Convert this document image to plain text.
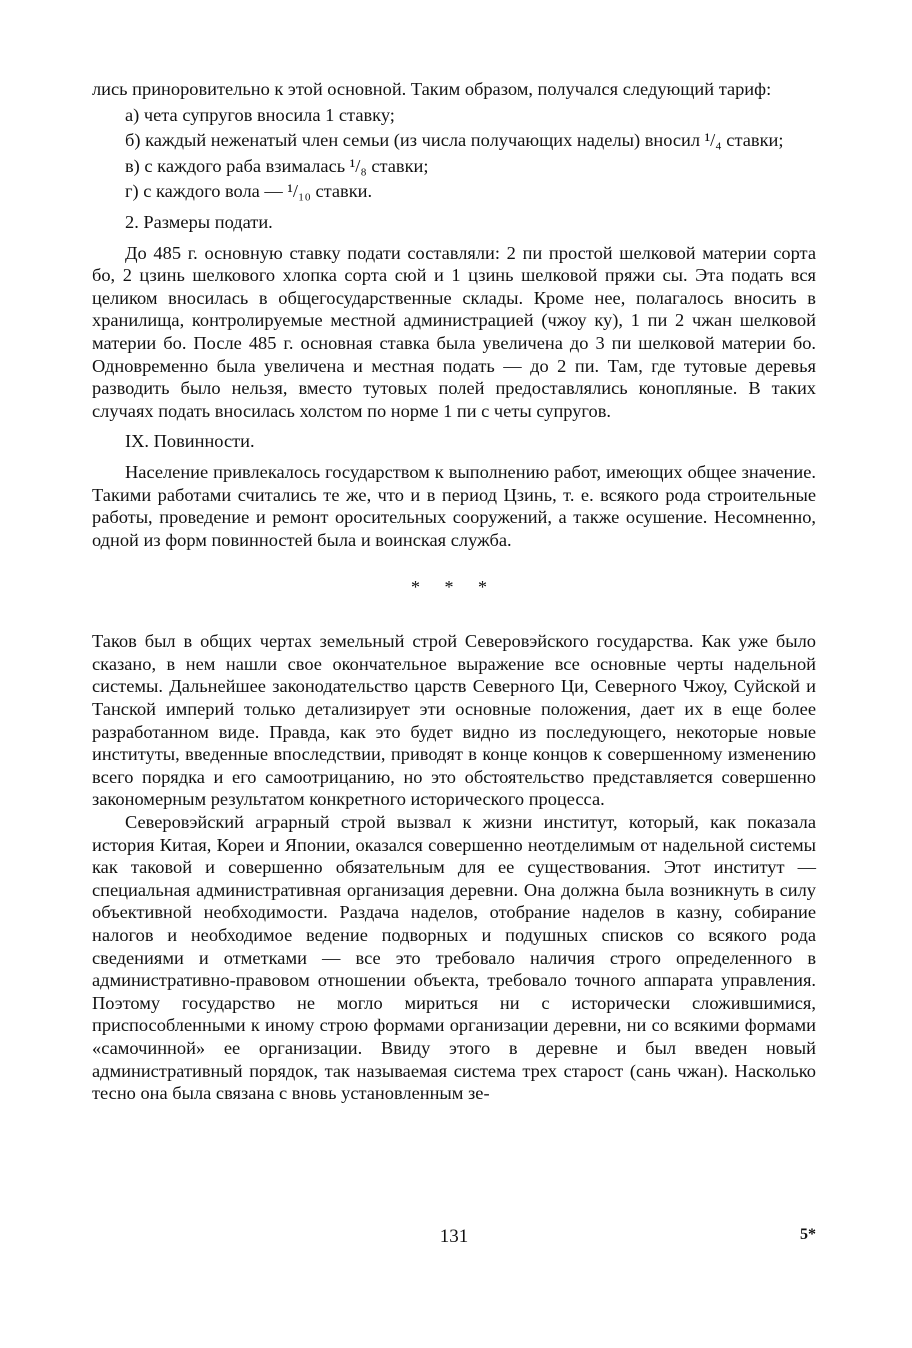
лись приноровительно к этой основной. Таким образом, получался следующий тариф:

а) чета супругов вносила 1 ставку;

б) каждый неженатый член семьи (из числа получающих наделы) вносил ¹/₄ ставки;

в) с каждого раба взималась ¹/₈ ставки;

г) с каждого вола — ¹/₁₀ ставки.

2. Размеры подати.

До 485 г. основную ставку подати составляли: 2 пи простой шелковой материи сорта бо, 2 цзинь шелкового хлопка сорта сюй и 1 цзинь шелковой пряжи сы. Эта подать вся целиком вносилась в общегосударственные склады. Кроме нее, полагалось вносить в хранилища, контролируемые местной администрацией (чжоу ку), 1 пи 2 чжан шелковой материи бо. После 485 г. основная ставка была увеличена до 3 пи шелковой материи бо. Одновременно была увеличена и местная подать — до 2 пи. Там, где тутовые деревья разводить было нельзя, вместо тутовых полей предоставлялись конопляные. В таких случаях подать вносилась холстом по норме 1 пи с четы супругов.

IX. Повинности.

Население привлекалось государством к выполнению работ, имеющих общее значение. Такими работами считались те же, что и в период Цзинь, т. е. всякого рода строительные работы, проведение и ремонт оросительных сооружений, а также осушение. Несомненно, одной из форм повинностей была и воинская служба.

* * *

Таков был в общих чертах земельный строй Северовэйского государства. Как уже было сказано, в нем нашли свое окончательное выражение все основные черты надельной системы. Дальнейшее законодательство царств Северного Ци, Северного Чжоу, Суйской и Танской империй только детализирует эти основные положения, дает их в еще более разработанном виде. Правда, как это будет видно из последующего, некоторые новые институты, введенные впоследствии, приводят в конце концов к совершенному изменению всего порядка и его самоотрицанию, но это обстоятельство представляется совершенно закономерным результатом конкретного исторического процесса.

Северовэйский аграрный строй вызвал к жизни институт, который, как показала история Китая, Кореи и Японии, оказался совершенно неотделимым от надельной системы как таковой и совершенно обязательным для ее существования. Этот институт — специальная административная организация деревни. Она должна была возникнуть в силу объективной необходимости. Раздача наделов, отобрание наделов в казну, собирание налогов и необходимое ведение подворных и подушных списков со всякого рода сведениями и отметками — все это требовало наличия строго определенного в административно-правовом отношении объекта, требовало точного аппарата управления. Поэтому государство не могло мириться ни с исторически сложившимися, приспособленными к иному строю формами организации деревни, ни со всякими формами «самочинной» ее организации. Ввиду этого в деревне и был введен новый административный порядок, так называемая система трех старост (сань чжан). Насколько тесно она была связана с вновь установленным зе-

131	5*
